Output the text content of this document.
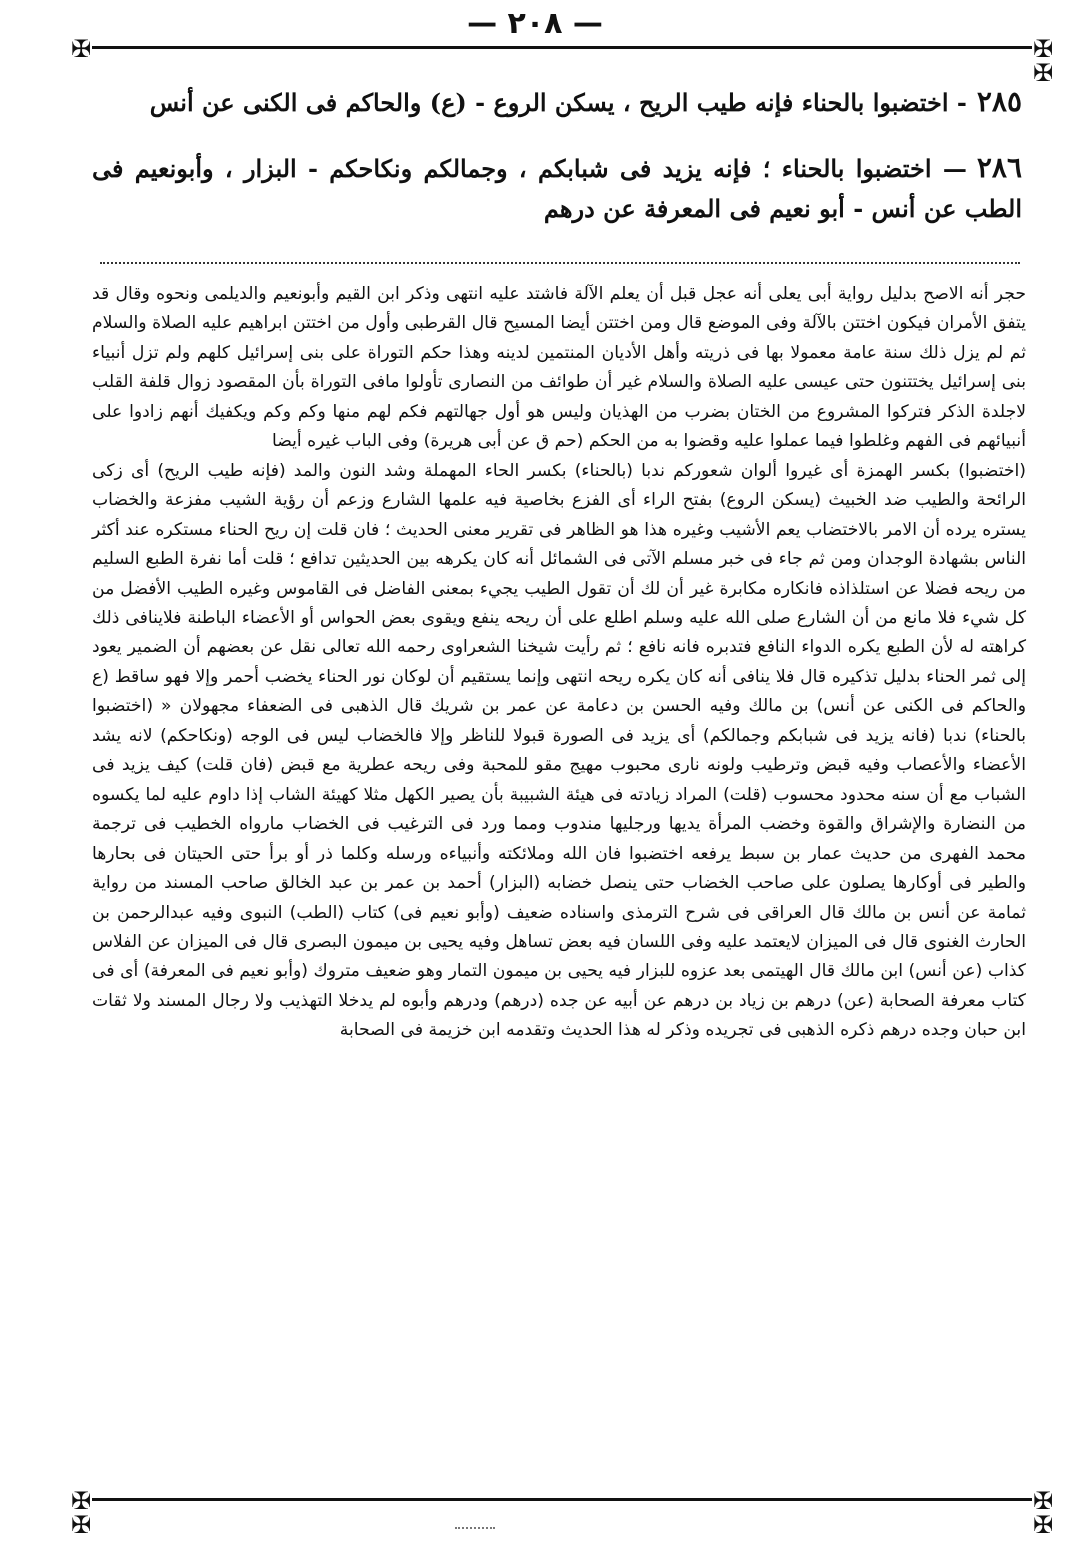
— ٢٠٨ —
✠	✠
✠
✠	✠
✠	✠
٢٨٥- اختضبوا بالحناء فإنه طيب الريح ، يسكن الروع - (ع) والحاكم فى الكنى عن أنس
٢٨٦— اختضبوا بالحناء ؛ فإنه يزيد فى شبابكم ، وجمالكم ونكاحكم - البزار ، وأبونعيم فى الطب عن أنس - أبو نعيم فى المعرفة عن درهم

حجر أنه الاصح بدليل رواية أبى يعلى أنه عجل قبل أن يعلم الآلة فاشتد عليه انتهى وذكر ابن القيم وأبونعيم والديلمى ونحوه وقال قد يتفق الأمران فيكون اختتن بالآلة وفى الموضع قال ومن اختتن أيضا المسيح قال القرطبى وأول من اختتن ابراهيم عليه الصلاة والسلام ثم لم يزل ذلك سنة عامة معمولا بها فى ذريته وأهل الأديان المنتمين لدينه وهذا حكم التوراة على بنى إسرائيل كلهم ولم تزل أنبياء بنى إسرائيل يختتنون حتى عيسى عليه الصلاة والسلام غير أن طوائف من النصارى تأولوا مافى التوراة بأن المقصود زوال قلفة القلب لاجلدة الذكر فتركوا المشروع من الختان بضرب من الهذيان وليس هو أول جهالتهم فكم لهم منها وكم وكم ويكفيك أنهم زادوا على أنبيائهم فى الفهم وغلطوا فيما عملوا عليه وقضوا به من الحكم (حم ق عن أبى هريرة) وفى الباب غيره أيضا

(اختضبوا) بكسر الهمزة أى غيروا ألوان شعوركم ندبا (بالحناء) بكسر الحاء المهملة وشد النون والمد (فإنه طيب الريح) أى زكى الرائحة والطيب ضد الخبيث (يسكن الروع) بفتح الراء أى الفزع بخاصية فيه علمها الشارع وزعم أن رؤية الشيب مفزعة والخضاب يستره يرده أن الامر بالاختضاب يعم الأشيب وغيره هذا هو الظاهر فى تقرير معنى الحديث ؛ فان قلت إن ريح الحناء مستكره عند أكثر الناس بشهادة الوجدان ومن ثم جاء فى خبر مسلم الآتى فى الشمائل أنه كان يكرهه بين الحديثين تدافع ؛ قلت أما نفرة الطبع السليم من ريحه فضلا عن استلذاذه فانكاره مكابرة غير أن لك أن تقول الطيب يجيء بمعنى الفاضل فى القاموس وغيره الطيب الأفضل من كل شيء فلا مانع من أن الشارع صلى الله عليه وسلم اطلع على أن ريحه ينفع ويقوى بعض الحواس أو الأعضاء الباطنة فلاينافى ذلك كراهته له لأن الطبع يكره الدواء النافع فتدبره فانه نافع ؛ ثم رأيت شيخنا الشعراوى رحمه الله تعالى نقل عن بعضهم أن الضمير يعود إلى ثمر الحناء بدليل تذكيره قال فلا ينافى أنه كان يكره ريحه انتهى وإنما يستقيم أن لوكان نور الحناء يخضب أحمر وإلا فهو ساقط (ع والحاكم فى الكنى عن أنس) بن مالك وفيه الحسن بن دعامة عن عمر بن شريك قال الذهبى فى الضعفاء مجهولان « (اختضبوا بالحناء) ندبا (فانه يزيد فى شبابكم وجمالكم) أى يزيد فى الصورة قبولا للناظر وإلا فالخضاب ليس فى الوجه (ونكاحكم) لانه يشد الأعضاء والأعصاب وفيه قبض وترطيب ولونه نارى محبوب مهيج مقو للمحبة وفى ريحه عطرية مع قبض (فان قلت) كيف يزيد فى الشباب مع أن سنه محدود محسوب (قلت) المراد زيادته فى هيئة الشبيبة بأن يصير الكهل مثلا كهيئة الشاب إذا داوم عليه لما يكسوه من النضارة والإشراق والقوة وخضب المرأة يديها ورجليها مندوب ومما ورد فى الترغيب فى الخضاب مارواه الخطيب فى ترجمة محمد الفهرى من حديث عمار بن سبط يرفعه اختضبوا فان الله وملائكته وأنبياءه ورسله وكلما ذر أو برأ حتى الحيتان فى بحارها والطير فى أوكارها يصلون على صاحب الخضاب حتى ينصل خضابه (البزار) أحمد بن عمر بن عبد الخالق صاحب المسند من رواية ثمامة عن أنس بن مالك قال العراقى فى شرح الترمذى واسناده ضعيف (وأبو نعيم فى) كتاب (الطب) النبوى وفيه عبدالرحمن بن الحارث الغنوى قال فى الميزان لايعتمد عليه وفى اللسان فيه بعض تساهل وفيه يحيى بن ميمون البصرى قال فى الميزان عن الفلاس كذاب (عن أنس) ابن مالك قال الهيتمى بعد عزوه للبزار فيه يحيى بن ميمون التمار وهو ضعيف متروك (وأبو نعيم فى المعرفة) أى فى كتاب معرفة الصحابة (عن) درهم بن زياد بن درهم عن أبيه عن جده (درهم) ودرهم وأبوه لم يدخلا التهذيب ولا رجال المسند ولا ثقات ابن حبان وجده درهم ذكره الذهبى فى تجريده وذكر له هذا الحديث وتقدمه ابن خزيمة فى الصحابة
